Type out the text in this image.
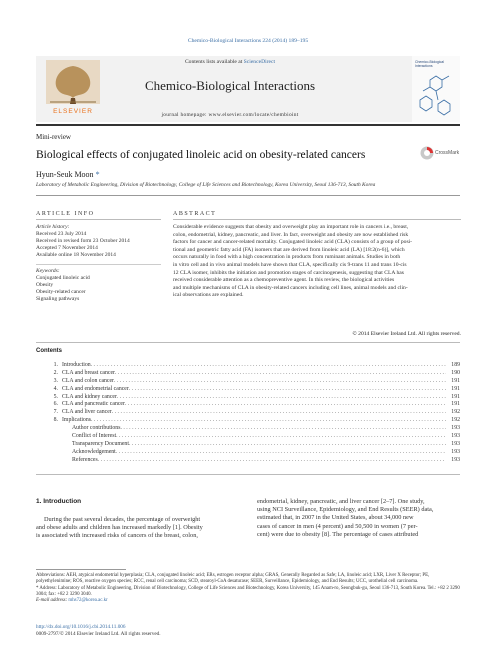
Chemico-Biological Interactions 224 (2014) 189–195
ELSEVIER
Contents lists available at ScienceDirect
Chemico-Biological Interactions
journal homepage: www.elsevier.com/locate/chembioint
Chemico-Biological Interactions
Mini-review
Biological effects of conjugated linoleic acid on obesity-related cancers	CrossMark
Hyun-Seuk Moon *
Laboratory of Metabolic Engineering, Division of Biotechnology, College of Life Sciences and Biotechnology, Korea University, Seoul 136-713, South Korea
ARTICLE INFO	ABSTRACT
Article history:
Received 23 July 2014
Received in revised form 23 October 2014
Accepted 7 November 2014
Available online 18 November 2014
Keywords:
Conjugated linoleic acid
Obesity
Obesity-related cancer
Signaling pathways
Considerable evidence suggests that obesity and overweight play an important role in cancers i.e., breast,
colon, endometrial, kidney, pancreatic, and liver. In fact, overweight and obesity are now established risk
factors for cancer and cancer-related mortality. Conjugated linoleic acid (CLA) consists of a group of posi-
tional and geometric fatty acid (FA) isomers that are derived from linoleic acid (LA) [18:2(n-6)], which
occurs naturally in food with a high concentration in products from ruminant animals. Studies in both
in vitro cell and in vivo animal models have shown that CLA, specifically cis 9-trans 11 and trans 10-cis
12 CLA isomer, inhibits the initiation and promotion stages of carcinogenesis, suggesting that CLA has
received considerable attention as a chemopreventive agent. In this review, the biological activities
and multiple mechanisms of CLA in obesity-related cancers including cell lines, animal models and clin-
ical observations are explained.
© 2014 Elsevier Ireland Ltd. All rights reserved.
Contents
1. Introduction . . .	189
2. CLA and breast cancer . . .	190
3. CLA and colon cancer . . .	191
4. CLA and endometrial cancer . . .	191
5. CLA and kidney cancer . . .	191
6. CLA and pancreatic cancer . . .	191
7. CLA and liver cancer . . .	192
8. Implications . . .	192
Author contributions . . .	193
Conflict of Interest . . .	193
Transparency Document . . .	193
Acknowledgement . . .	193
References . . .	193
1. Introduction
During the past several decades, the percentage of overweight
and obese adults and children has increased markedly [1]. Obesity
is associated with increased risks of cancers of the breast, colon,
endometrial, kidney, pancreatic, and liver cancer [2–7]. One study,
using NCI Surveillance, Epidemiology, and End Results (SEER) data,
estimated that, in 2007 in the United States, about 34,000 new
cases of cancer in men (4 percent) and 50,500 in women (7 per-
cent) were due to obesity [8]. The percentage of cases attributed
Abbreviations: AEH, atypical endometrial hyperplasia; CLA, conjugated linoleic acid; ERs, estrogen receptor alpha; GRAS, Generally Regarded as Safe; LA, linoleic acid; LXR, Liver X Receptor; PE, polyethylenimine; ROS, reactive oxygen species; RCC, renal cell carcinoma; SCD, stearoyl-CoA desaturase; SEER, Surveillance, Epidemiology, and End Results; UCC, urothelial cell carcinoma.
* Address: Laboratory of Metabolic Engineering, Division of Biotechnology, College of Life Sciences and Biotechnology, Korea University, 145 Anam-ro, Seongbuk-gu, Seoul 136-713, South Korea. Tel.: +82 2 3290 3004; fax: +82 2 3290 3040.
E-mail address: mhs72@korea.ac.kr
http://dx.doi.org/10.1016/j.cbi.2014.11.006
0009-2797/© 2014 Elsevier Ireland Ltd. All rights reserved.
